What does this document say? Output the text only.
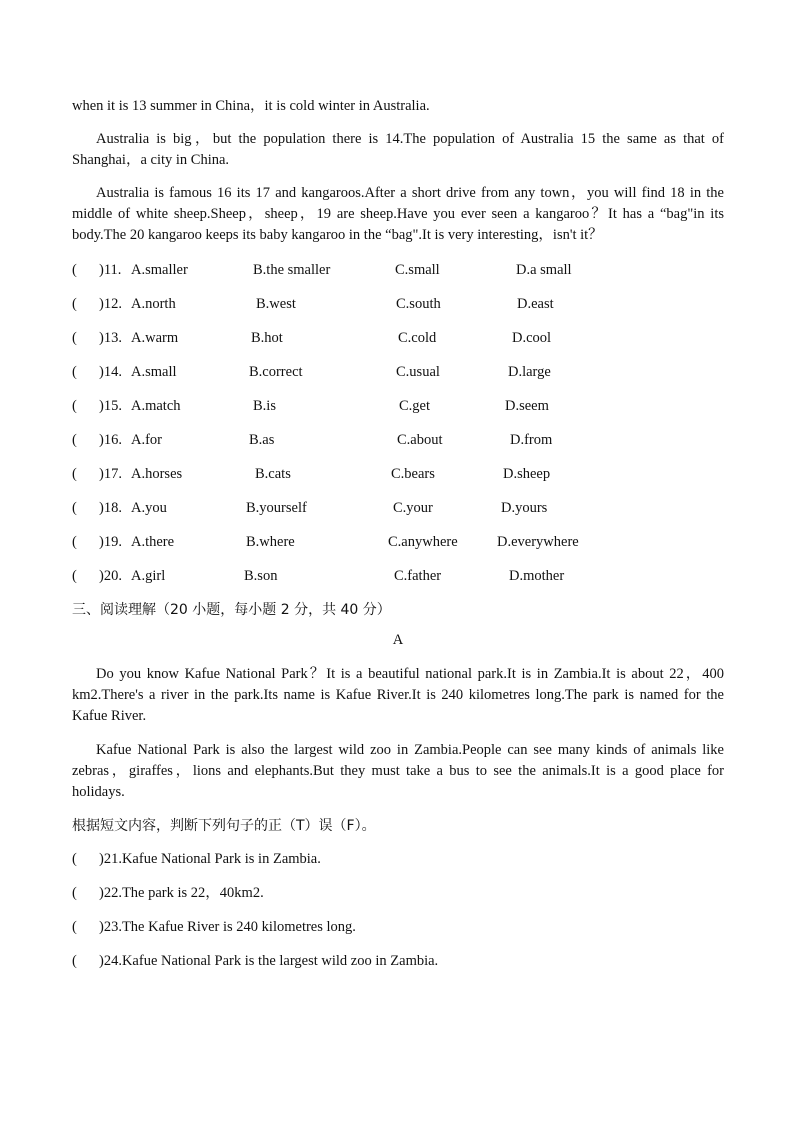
when it is 13 summer in China，it is cold winter in Australia.

Australia is big，but the population there is 14.The population of Australia 15 the same as that of Shanghai，a city in China.

Australia is famous 16 its 17 and kangaroos.After a short drive from any town，you will find 18 in the middle of white sheep.Sheep，sheep，19 are sheep.Have you ever seen a kangaroo？It has a “bag"in its body.The 20 kangaroo keeps its baby kangaroo in the “bag".It is very interesting，isn't it？

( )11. A.smaller	B.the smaller	C.small	D.a small
( )12. A.north	B.west	C.south	D.east
( )13. A.warm	B.hot	C.cold	D.cool
( )14. A.small	B.correct	C.usual	D.large
( )15. A.match	B.is	C.get	D.seem
( )16. A.for	B.as	C.about	D.from
( )17. A.horses	B.cats	C.bears	D.sheep
( )18. A.you	B.yourself	C.your	D.yours
( )19. A.there	B.where	C.anywhere	D.everywhere
( )20. A.girl	B.son	C.father	D.mother
三、阅读理解（20 小题，每小题 2 分，共 40 分）
A

Do you know Kafue National Park？It is a beautiful national park.It is in Zambia.It is about 22，400 km2.There's a river in the park.Its name is Kafue River.It is 240 kilometres long.The park is named for the Kafue River.

Kafue National Park is also the largest wild zoo in Zambia.People can see many kinds of animals like zebras，giraffes，lions and elephants.But they must take a bus to see the animals.It is a good place for holidays.

根据短文内容，判断下列句子的正（T）误（F）。
( )21.Kafue National Park is in Zambia.
( )22.The park is 22，40km2.
( )23.The Kafue River is 240 kilometres long.
( )24.Kafue National Park is the largest wild zoo in Zambia.
